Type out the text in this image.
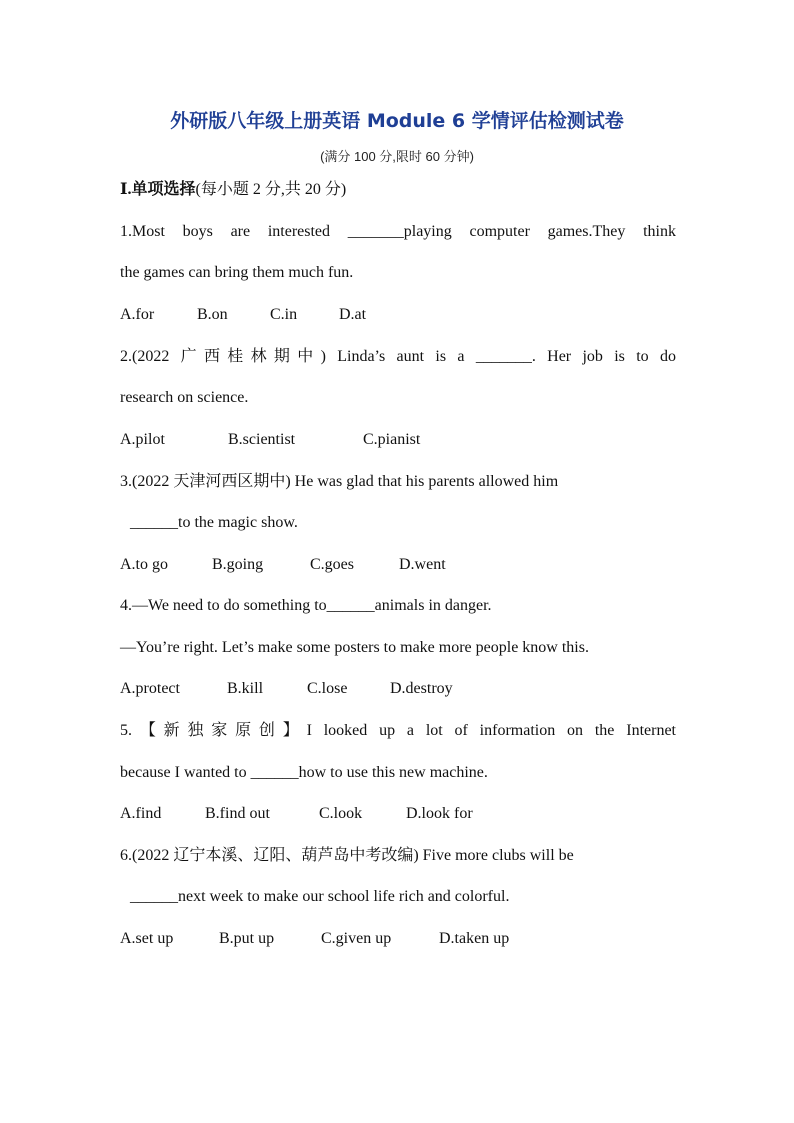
外研版八年级上册英语 Module 6 学情评估检测试卷
(满分 100 分,限时 60 分钟)
Ⅰ.单项选择(每小题 2 分,共 20 分)
1.Most boys are interested _______playing computer games.They think
the games can bring them much fun.
A.for	B.on	C.in	D.at
2.(2022 广西桂林期中) Linda’s aunt is a _______. Her job is to do
research on science.
A.pilot	B.scientist	C.pianist
3.(2022 天津河西区期中) He was glad that his parents allowed him
______to the magic show.
A.to go	B.going	C.goes	D.went
4.—We need to do something to______animals in danger.
—You’re right. Let’s make some posters to make more people know this.
A.protect	B.kill	C.lose	D.destroy
5.【新独家原创】I looked up a lot of information on the Internet
because I wanted to ______how to use this new machine.
A.find	B.find out	C.look	D.look for
6.(2022 辽宁本溪、辽阳、葫芦岛中考改编) Five more clubs will be
______next week to make our school life rich and colorful.
A.set up	B.put up	C.given up	D.taken up
